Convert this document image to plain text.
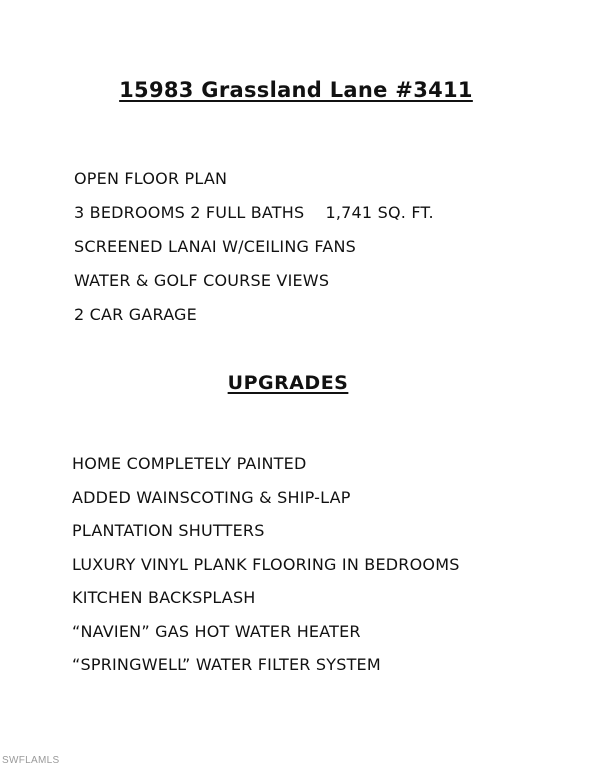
15983 Grassland Lane #3411
OPEN FLOOR PLAN
3 BEDROOMS 2 FULL BATHS    1,741 SQ. FT.
SCREENED LANAI W/CEILING FANS
WATER & GOLF COURSE VIEWS
2 CAR GARAGE
UPGRADES
HOME COMPLETELY PAINTED
ADDED WAINSCOTING & SHIP-LAP
PLANTATION SHUTTERS
LUXURY VINYL PLANK FLOORING IN BEDROOMS
KITCHEN BACKSPLASH
“NAVIEN” GAS HOT WATER HEATER
“SPRINGWELL” WATER FILTER SYSTEM
SWFLAMLS
